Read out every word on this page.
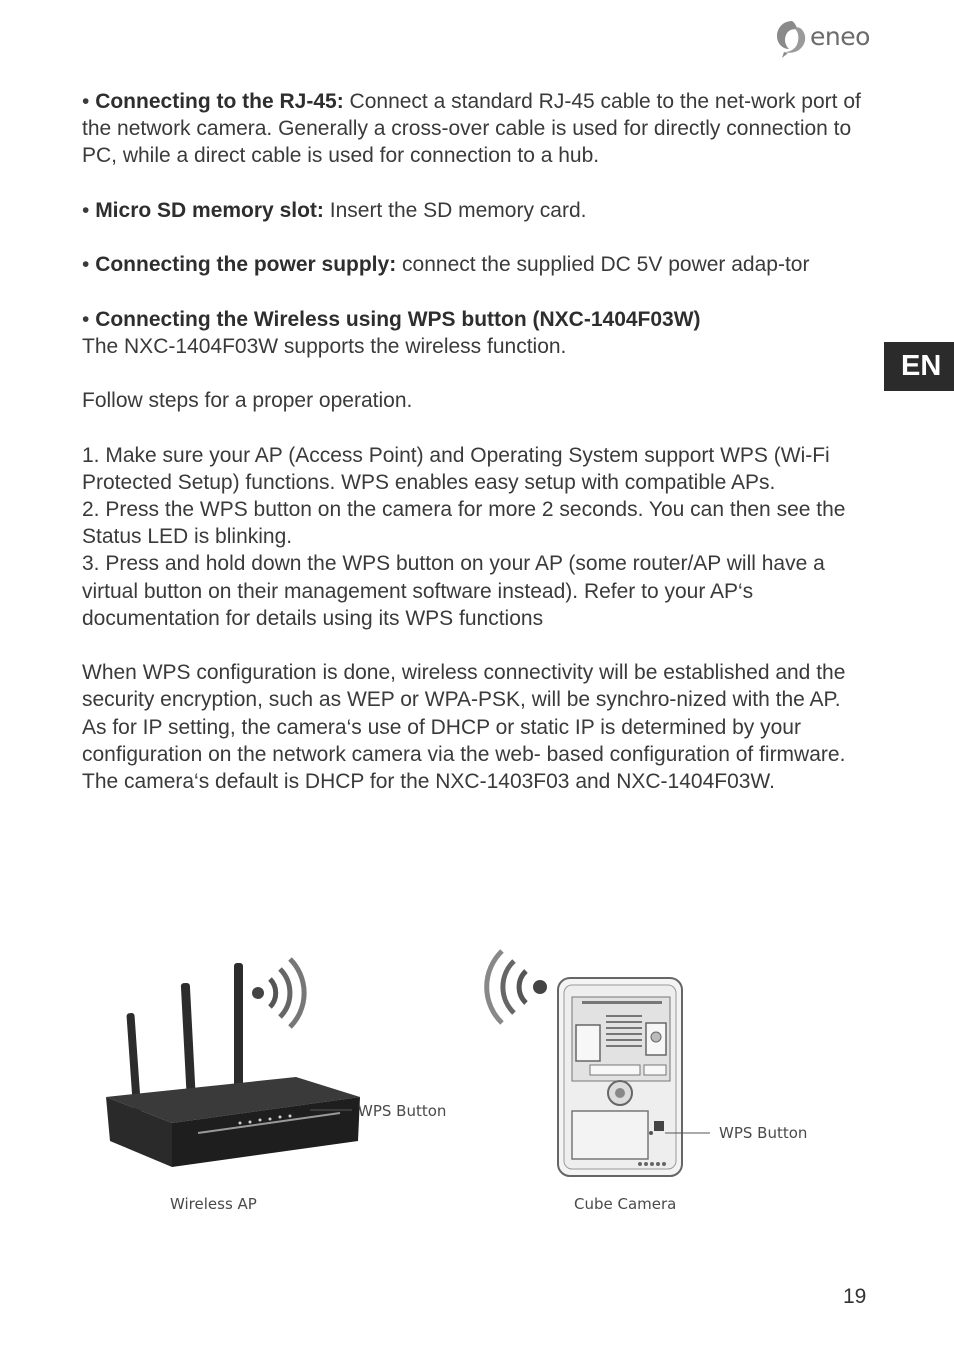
eneo
EN

• Connecting to the RJ-45: Connect a standard RJ-45 cable to the net-work port of the network camera. Generally a cross-over cable is used for directly connection to PC, while a direct cable is used for connection to a hub.

• Micro SD memory slot: Insert the SD memory card.

• Connecting the power supply: connect the supplied DC 5V power adap-tor

• Connecting the Wireless using WPS button (NXC-1404F03W)

The NXC-1404F03W supports the wireless function.

Follow steps for a proper operation.

1. Make sure your AP (Access Point) and Operating System support WPS (Wi-Fi Protected Setup) functions. WPS enables easy setup with compatible APs.

2. Press the WPS button on the camera for more 2 seconds. You can then see the Status LED is blinking.

3. Press and hold down the WPS button on your AP (some router/AP will have a virtual button on their management software instead). Refer to your AP‘s documentation for details using its WPS functions

When WPS configuration is done, wireless connectivity will be established and the security encryption, such as WEP or WPA-PSK, will be synchro-nized with the AP.

As for IP setting, the camera‘s use of DHCP or static IP is determined by your configuration on the network camera via the web- based configuration of firmware. The camera‘s default is DHCP for the NXC-1403F03 and NXC-1404F03W.

WPS Button
Wireless AP
WPS Button
Cube Camera
19
